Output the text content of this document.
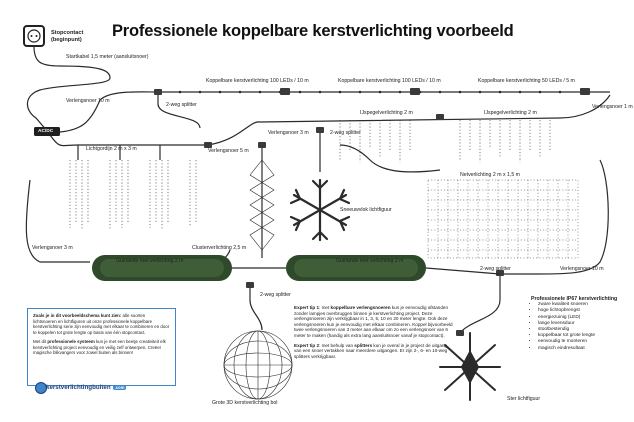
Professionele koppelbare kerstverlichting voorbeeld
Stopcontact
(beginpunt)
Startkabel 1,5 meter (aansluitsnoer)
Koppelbare kerstverlichting 100 LEDs / 10 m	Koppelbare kerstverlichting 100 LEDs / 10 m	Koppelbare kerstverlichting 50 LEDs / 5 m
Verlengsnoer 10 m
2-weg splitter
IJspegelverlichting 2 m	IJspegelverlichting 2 m
Verlengsnoer 1 m
AC/DC	Verlengsnoer 3 m	2-weg splitter
Lichtgordijn 2 m x 3 m	Verlengsnoer 5 m
Netverlichting 2 m x 1,5 m
Sneeuwvlok lichtfiguur
Verlengsnoer 3 m	Clusterverlichting 2,5 m
Guirlande met verlichting 2 m	Guirlande met verlichting 2 m
2-weg splitter	Verlengsnoer 10 m
2-weg splitter
Grote 3D kerstverlichting bol
Ster lichtfiguur

Zoals je in dit voorbeeldschema kunt zien: alle soorten lichtsnoeren en lichtfiguren uit onze professionele koppelbare kerstverlichting serie zijn eenvoudig met elkaar te combineren en door te koppelen tot grote lengte op basis van één stopcontact.

Met dit professionele systeem kun je met een beetje creativiteit elk kerstverlichting project eenvoudig en veilig zelf ontwerpen. Creëer magische blikvangers voor zowel buiten als binnen!

kerstverlichtingbuiten .com

Expert tip 1: met koppelbare verlengsnoeren kun je eenvoudig afstanden zonder lampjes overbruggen binnen je kerstverlichting project. Deze verlengsnoeren zijn verkrijgbaar in 1, 3, 5, 10 en 20 meter lengte. Ook deze verlengsnoeren kun je eenvoudig met elkaar combineren. Koppel bijvoorbeeld twee verlengsnoeren van 3 meter aan elkaar om zo een verlengsnoer van 6 meter te maken (handig als extra lang aansluitsnoer vanaf je stopcontact).

Expert tip 2: met behulp van splitters kun je overal in je project de uitgang van een snoer vertakken naar meerdere uitgangen. Er zijn 2-, 6- en 10-weg splitters verkrijgbaar.

Professionele IP67 kerstverlichting
• zware kwaliteit snoeren
• hoge lichtopbrengst
• energiezuinig (LED)
• lange levensduur
• stootbestendig
• koppelbaar tot grote lengte
• eenvoudig te monteren
• magisch eindresultaat
